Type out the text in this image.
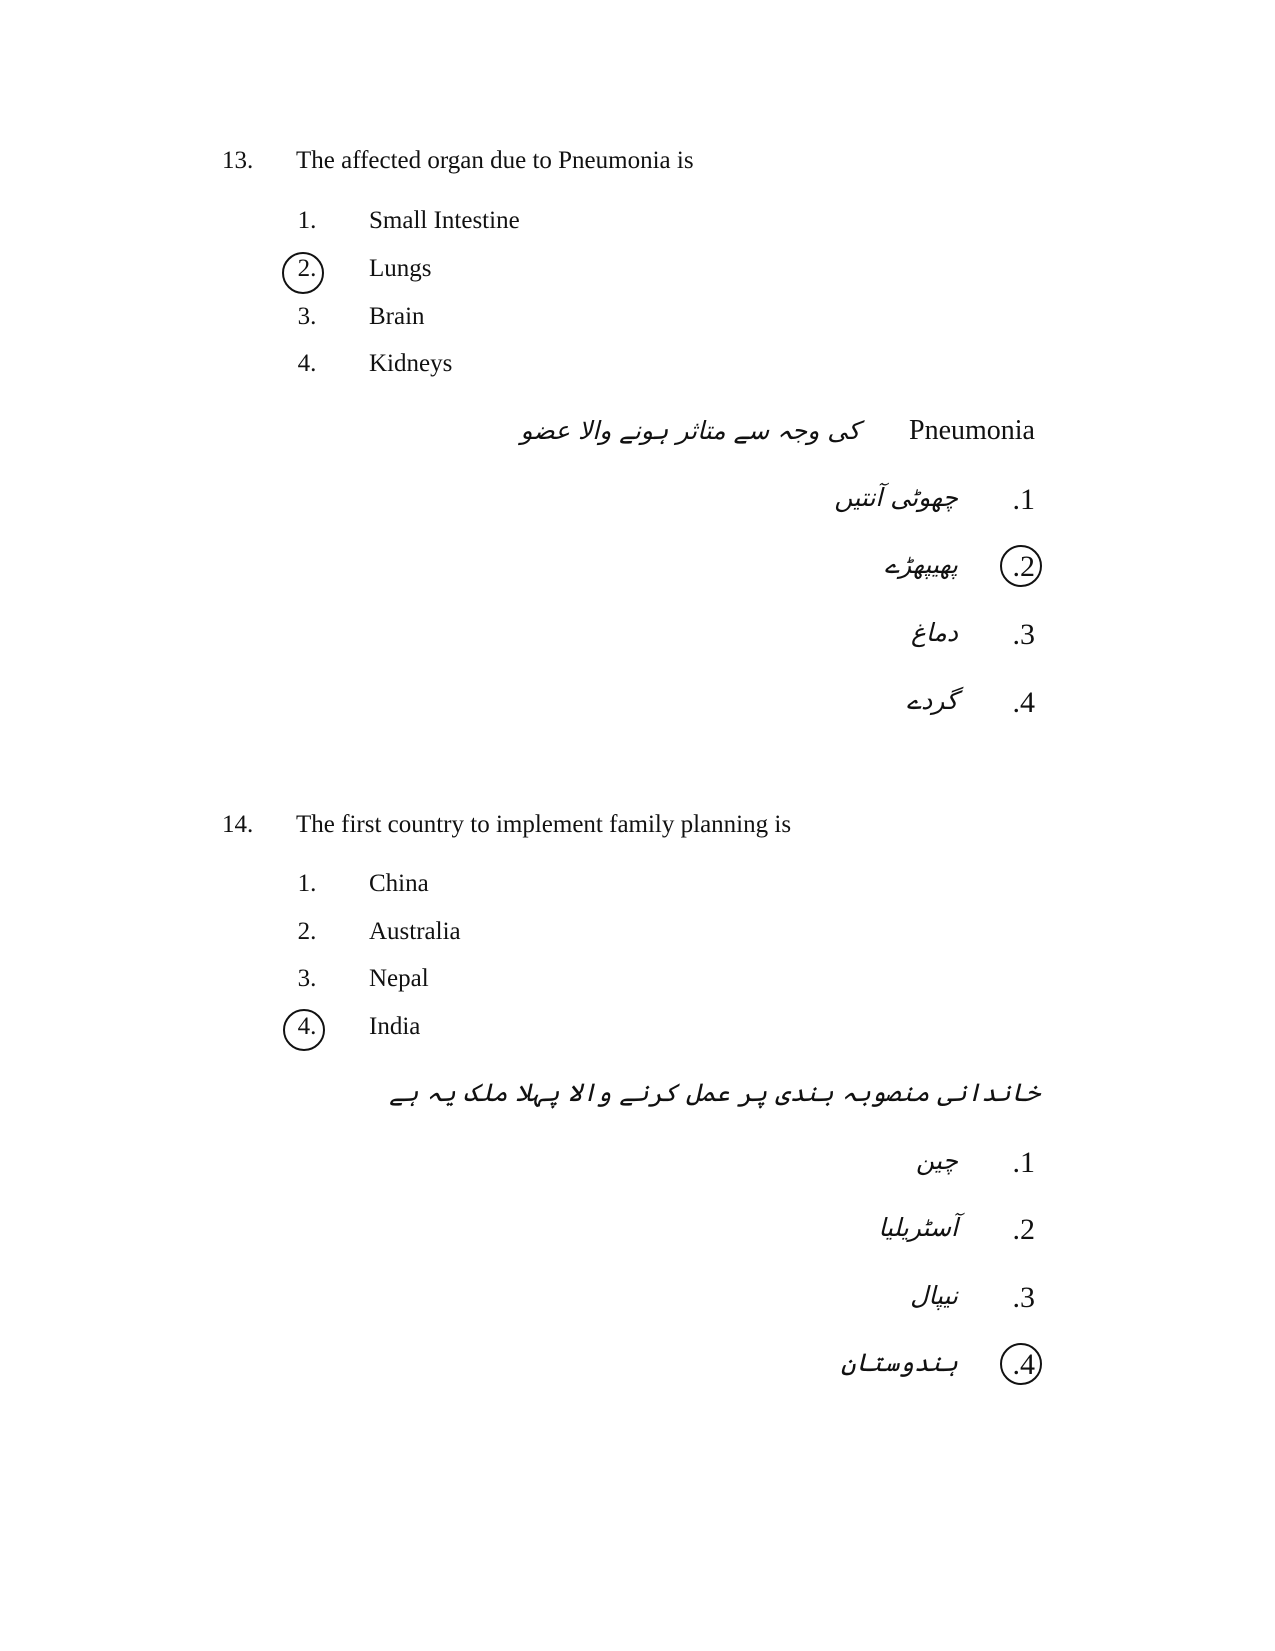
13. The affected organ due to Pneumonia is
1. Small Intestine
2. Lungs
3. Brain
4. Kidneys
Pneumonia
کی وجہ سے متاثر ہونے والا عضو
.1
چھوٹی آنتیں
.2
پھیپھڑے
.3
دماغ
.4
گردے
14. The first country to implement family planning is
1. China
2. Australia
3. Nepal
4. India
خاندانی منصوبہ بندی پر عمل کرنے والا پہلا ملک یہ ہے
.1
چین
.2
آسٹریلیا
.3
نیپال
.4
ہندوستان
